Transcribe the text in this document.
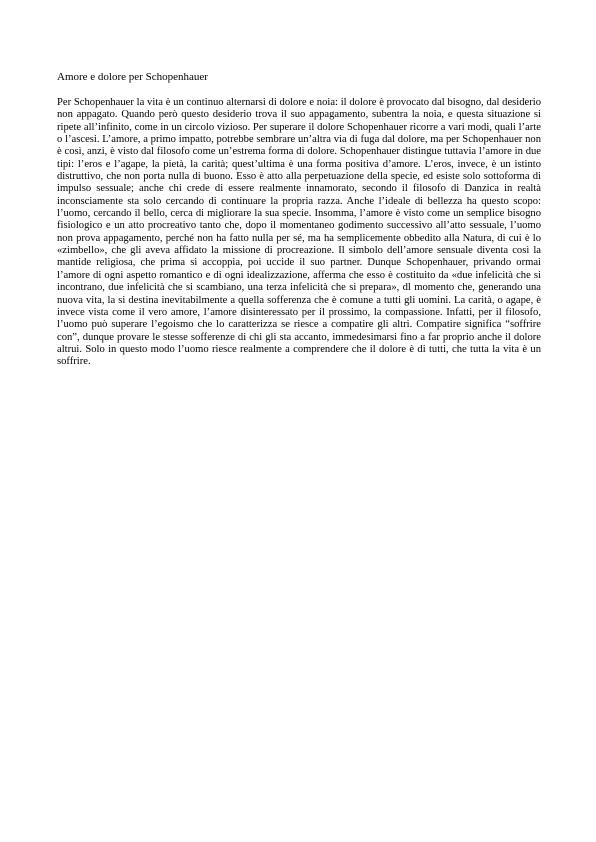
Amore e dolore per Schopenhauer

Per Schopenhauer la vita è un continuo alternarsi di dolore e noia: il dolore è provocato dal bisogno, dal desiderio non appagato. Quando però questo desiderio trova il suo appagamento, subentra la noia, e questa situazione si ripete all’infinito, come in un circolo vizioso. Per superare il dolore Schopenhauer ricorre a vari modi, quali l’arte o l’ascesi. L’amore, a primo impatto, potrebbe sembrare un’altra via di fuga dal dolore, ma per Schopenhauer non è così, anzi, è visto dal filosofo come un’estrema forma di dolore. Schopenhauer distingue tuttavia l’amore in due tipi: l’eros e l’agape, la pietà, la carità; quest’ultima è una forma positiva d’amore. L’eros, invece, è un istinto distruttivo, che non porta nulla di buono. Esso è atto alla perpetuazione della specie, ed esiste solo sottoforma di impulso sessuale; anche chi crede di essere realmente innamorato, secondo il filosofo di Danzica in realtà inconsciamente sta solo cercando di continuare la propria razza. Anche l’ideale di bellezza ha questo scopo: l’uomo, cercando il bello, cerca di migliorare la sua specie. Insomma, l’amore è visto come un semplice bisogno fisiologico e un atto procreativo tanto che, dopo il momentaneo godimento successivo all’atto sessuale, l’uomo non prova appagamento, perché non ha fatto nulla per sé, ma ha semplicemente obbedito alla Natura, di cui è lo «zimbello», che gli aveva affidato la missione di procreazione. Il simbolo dell’amore sensuale diventa così la mantide religiosa, che prima si accoppia, poi uccide il suo partner. Dunque Schopenhauer, privando ormai l’amore di ogni aspetto romantico e di ogni idealizzazione, afferma che esso è costituito da «due infelicità che si incontrano, due infelicità che si scambiano, una terza infelicità che si prepara», dl momento che, generando una nuova vita, la si destina inevitabilmente a quella sofferenza che è comune a tutti gli uomini. La carità, o agape, è invece vista come il vero amore, l’amore disinteressato per il prossimo, la compassione. Infatti, per il filosofo, l’uomo può superare l’egoismo che lo caratterizza se riesce a compatire gli altri. Compatire significa “soffrire con”, dunque provare le stesse sofferenze di chi gli sta accanto, immedesimarsi fino a far proprio anche il dolore altrui. Solo in questo modo l’uomo riesce realmente a comprendere che il dolore è di tutti, che tutta la vita è un soffrire.
